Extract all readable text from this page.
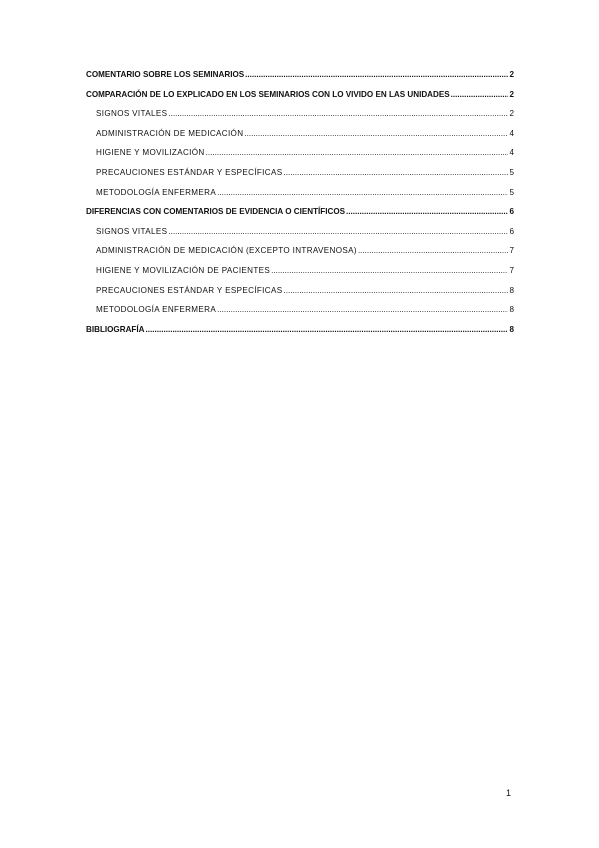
COMENTARIO SOBRE LOS SEMINARIOS .....	2
COMPARACIÓN DE LO EXPLICADO EN LOS SEMINARIOS CON LO VIVIDO EN LAS UNIDADES .....	2
SIGNOS VITALES .....	2
ADMINISTRACIÓN DE MEDICACIÓN .....	4
HIGIENE Y MOVILIZACIÓN .....	4
PRECAUCIONES ESTÁNDAR Y ESPECÍFICAS .....	5
METODOLOGÍA ENFERMERA .....	5
DIFERENCIAS CON COMENTARIOS DE EVIDENCIA O CIENTÍFICOS .....	6
SIGNOS VITALES .....	6
ADMINISTRACIÓN DE MEDICACIÓN (EXCEPTO INTRAVENOSA) .....	7
HIGIENE Y MOVILIZACIÓN DE PACIENTES .....	7
PRECAUCIONES ESTÁNDAR Y ESPECÍFICAS .....	8
METODOLOGÍA ENFERMERA .....	8
BIBLIOGRAFÍA .....	8
1
